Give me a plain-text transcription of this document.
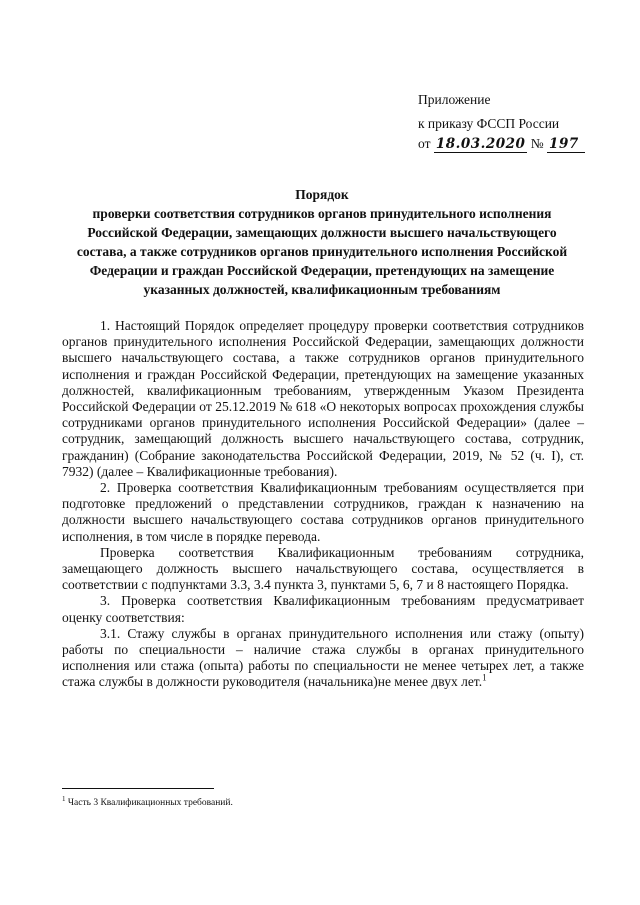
Приложение
к приказу ФССП России
от 18.03.2020 № 197
Порядок
проверки соответствия сотрудников органов принудительного исполнения Российской Федерации, замещающих должности высшего начальствующего состава, а также сотрудников органов принудительного исполнения Российской Федерации и граждан Российской Федерации, претендующих на замещение указанных должностей, квалификационным требованиям

1. Настоящий Порядок определяет процедуру проверки соответствия сотрудников органов принудительного исполнения Российской Федерации, замещающих должности высшего начальствующего состава, а также сотрудников органов принудительного исполнения и граждан Российской Федерации, претендующих на замещение указанных должностей, квалификационным требованиям, утвержденным Указом Президента Российской Федерации от 25.12.2019 № 618 «О некоторых вопросах прохождения службы сотрудниками органов принудительного исполнения Российской Федерации» (далее – сотрудник, замещающий должность высшего начальствующего состава, сотрудник, гражданин) (Собрание законодательства Российской Федерации, 2019, № 52 (ч. I), ст. 7932) (далее – Квалификационные требования).

2. Проверка соответствия Квалификационным требованиям осуществляется при подготовке предложений о представлении сотрудников, граждан к назначению на должности высшего начальствующего состава сотрудников органов принудительного исполнения, в том числе в порядке перевода.

Проверка соответствия Квалификационным требованиям сотрудника, замещающего должность высшего начальствующего состава, осуществляется в соответствии с подпунктами 3.3, 3.4 пункта 3, пунктами 5, 6, 7 и 8 настоящего Порядка.

3. Проверка соответствия Квалификационным требованиям предусматривает оценку соответствия:

3.1. Стажу службы в органах принудительного исполнения или стажу (опыту) работы по специальности – наличие стажа службы в органах принудительного исполнения или стажа (опыта) работы по специальности не менее четырех лет, а также стажа службы в должности руководителя (начальника)не менее двух лет.$^1$

$^1$ Часть 3 Квалификационных требований.
